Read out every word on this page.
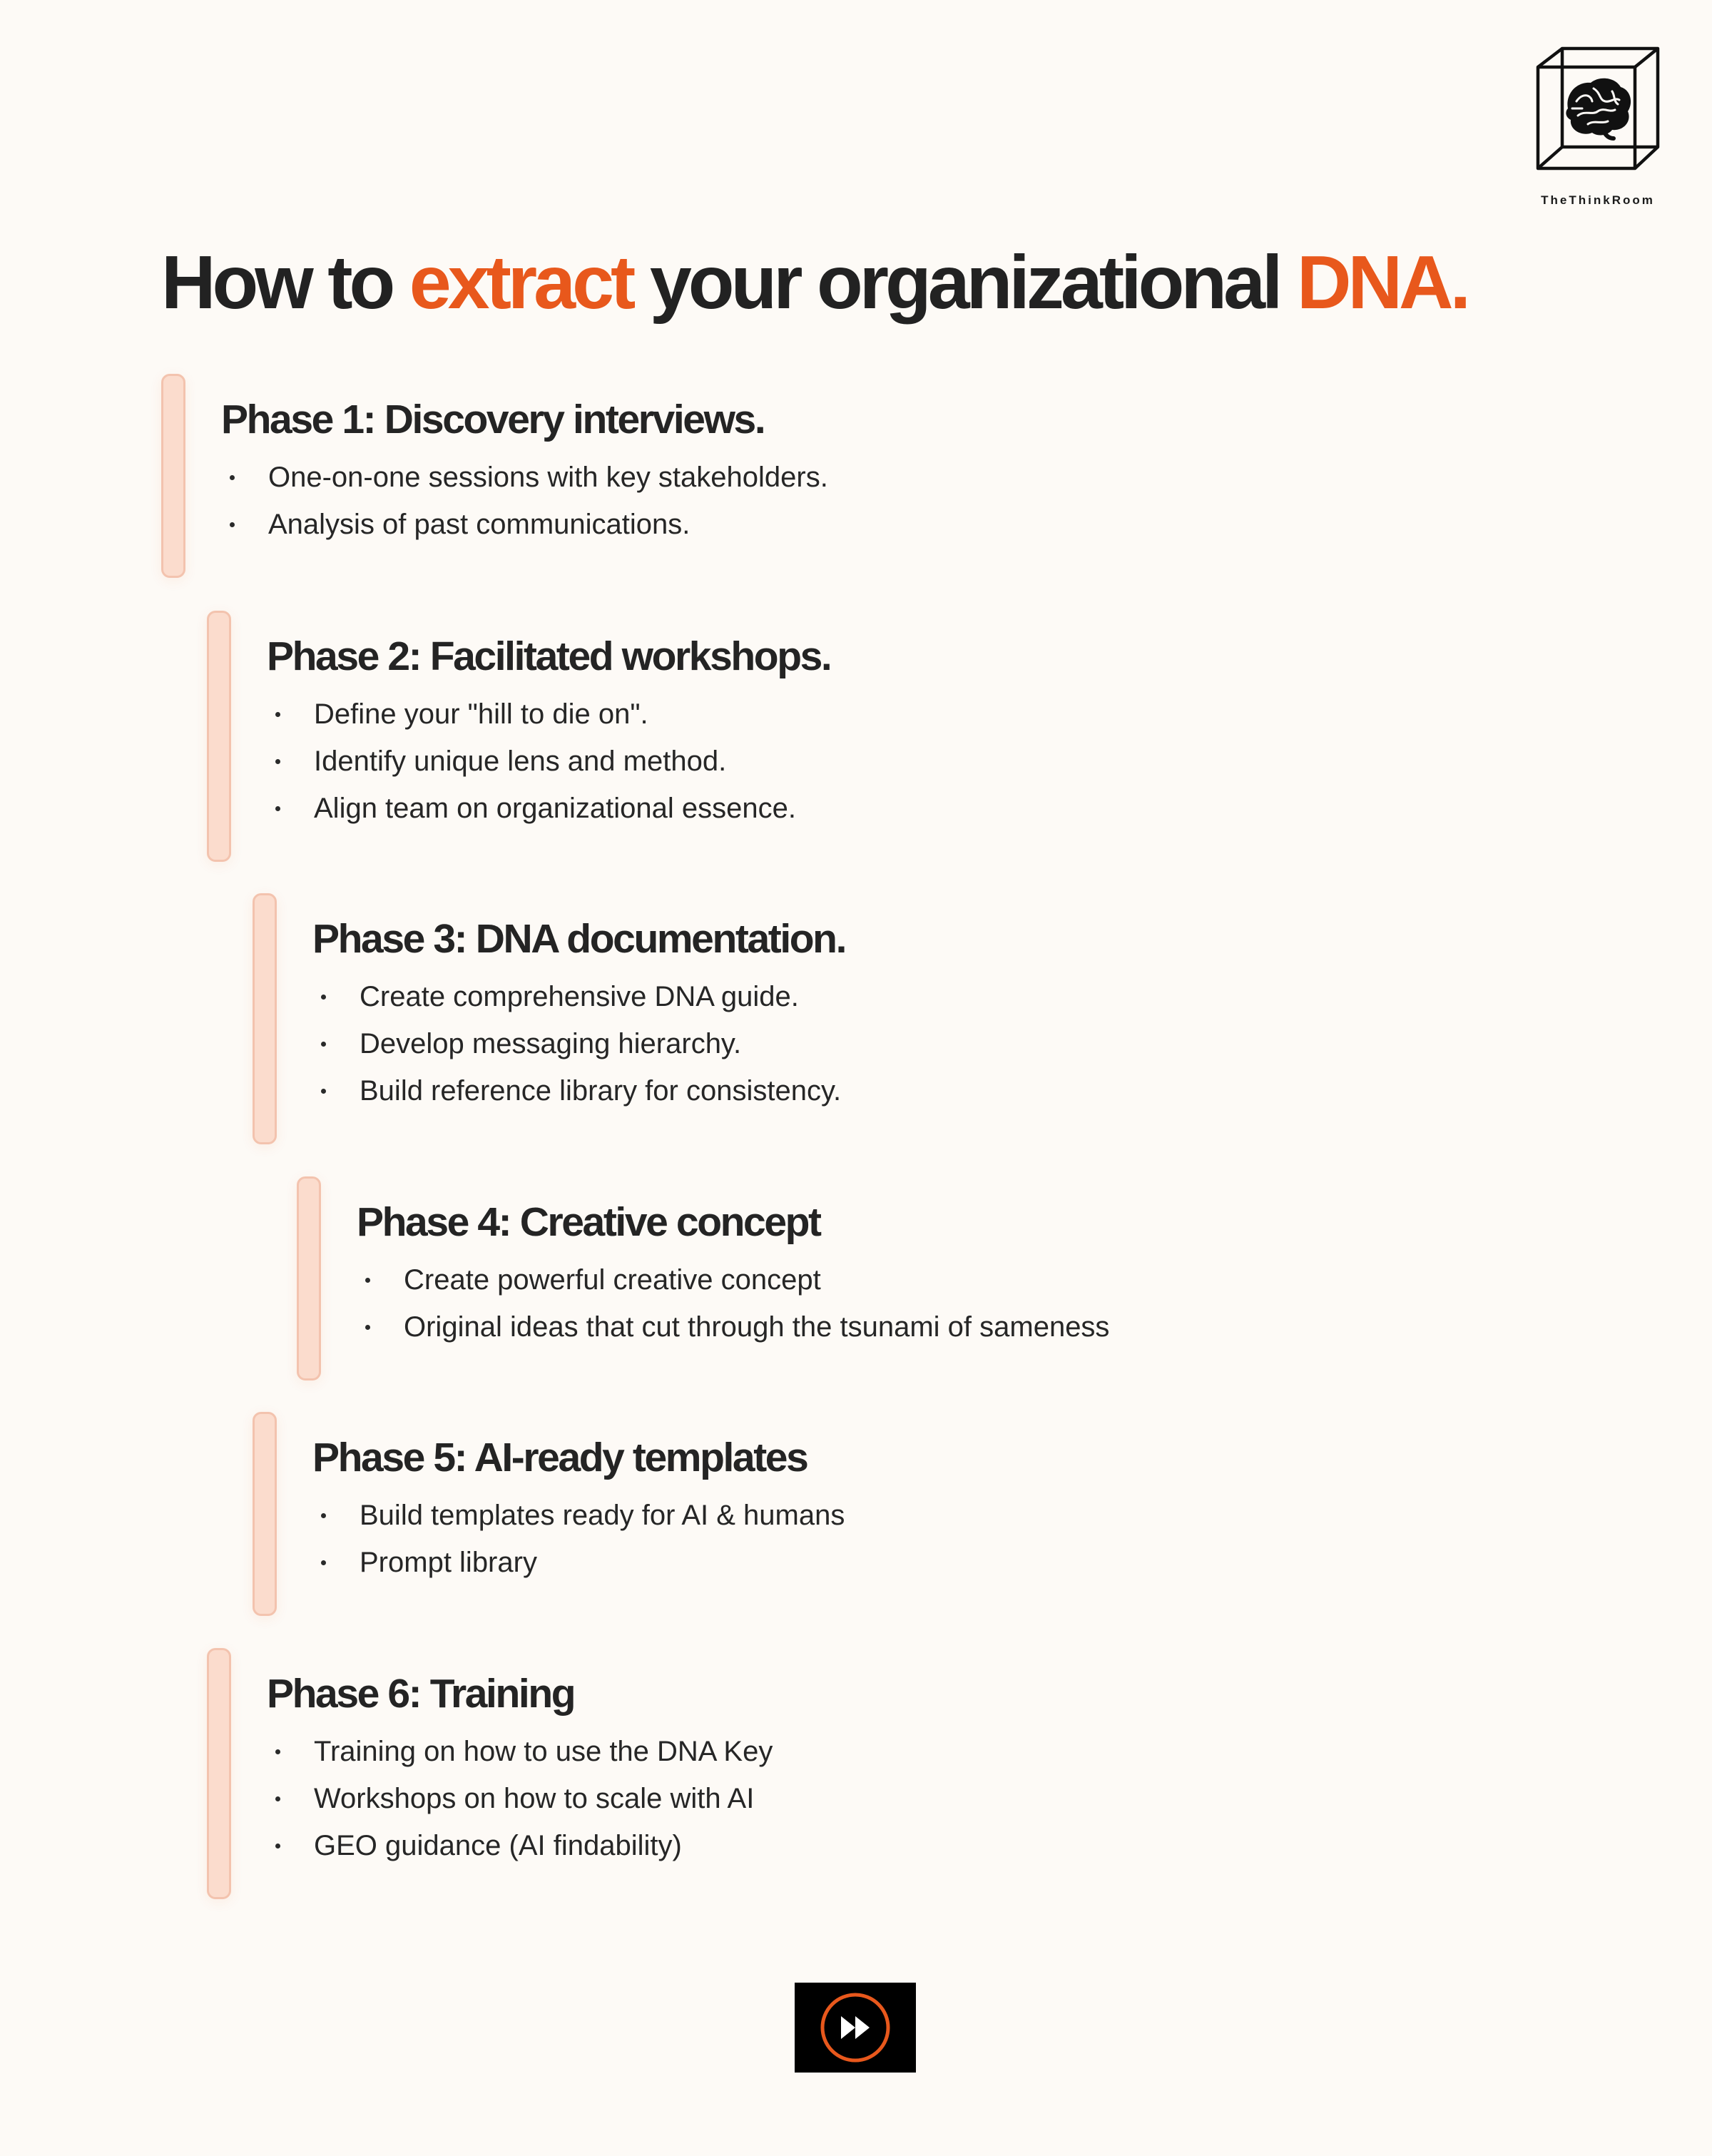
TheThinkRoom
How to extract your organizational DNA.
Phase 1: Discovery interviews.
One-on-one sessions with key stakeholders.
Analysis of past communications.
Phase 2: Facilitated workshops.
Define your "hill to die on".
Identify unique lens and method.
Align team on organizational essence.
Phase 3: DNA documentation.
Create comprehensive DNA guide.
Develop messaging hierarchy.
Build reference library for consistency.
Phase 4: Creative concept
Create powerful creative concept
Original ideas that cut through the tsunami of sameness
Phase 5: AI-ready templates
Build templates ready for AI & humans
Prompt library
Phase 6: Training
Training on how to use the DNA Key
Workshops on how to scale with AI
GEO guidance (AI findability)
